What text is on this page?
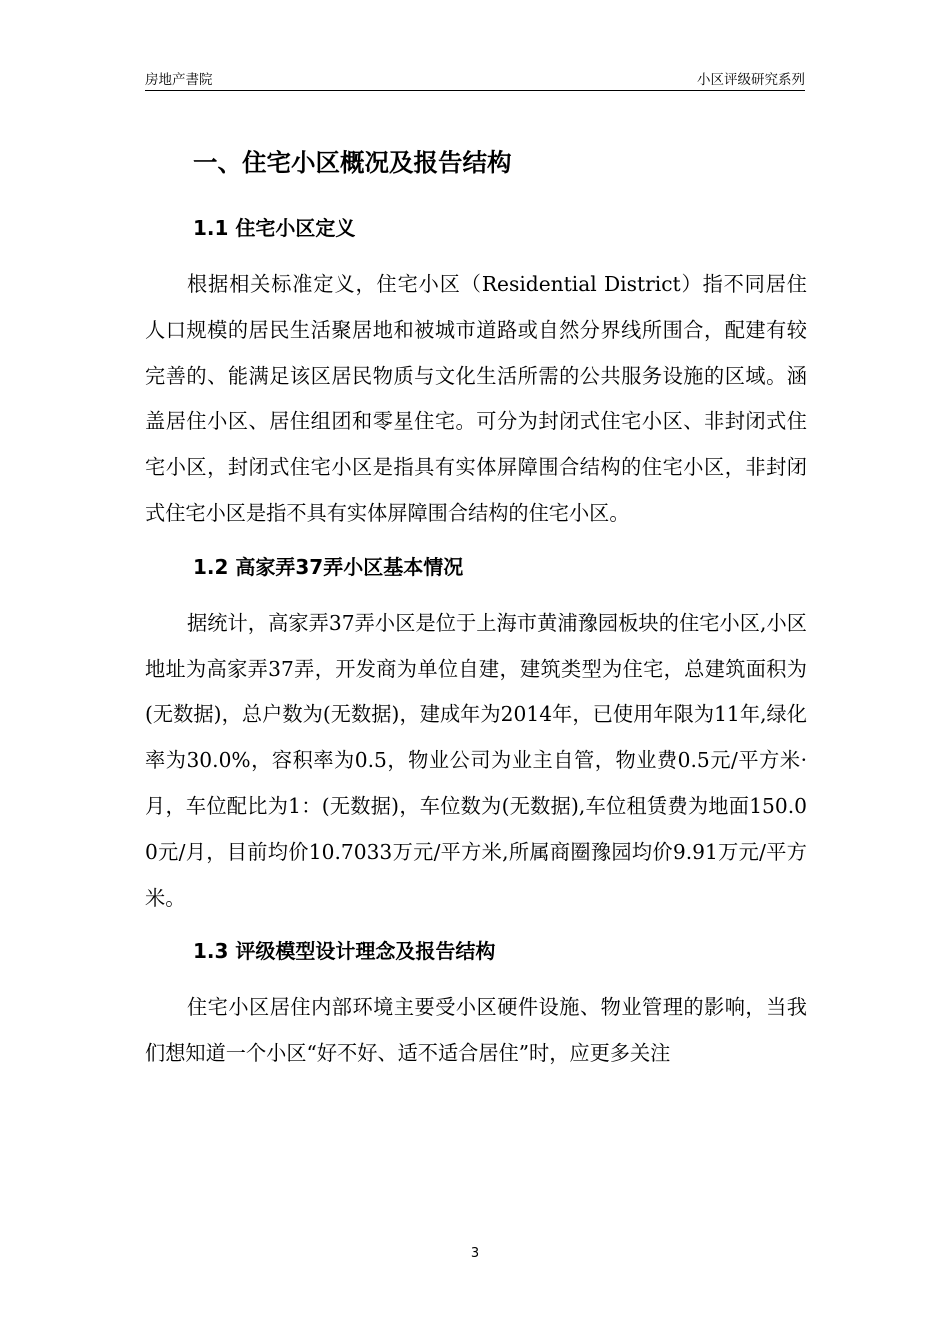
房地产書院	小区评级研究系列
一、住宅小区概况及报告结构
1.1 住宅小区定义

根据相关标准定义，住宅小区（Residential District）指不同居住人口规模的居民生活聚居地和被城市道路或自然分界线所围合，配建有较完善的、能满足该区居民物质与文化生活所需的公共服务设施的区域。涵盖居住小区、居住组团和零星住宅。可分为封闭式住宅小区、非封闭式住宅小区，封闭式住宅小区是指具有实体屏障围合结构的住宅小区，非封闭式住宅小区是指不具有实体屏障围合结构的住宅小区。

1.2 高家弄37弄小区基本情况

据统计，高家弄37弄小区是位于上海市黄浦豫园板块的住宅小区,小区地址为高家弄37弄，开发商为单位自建，建筑类型为住宅，总建筑面积为(无数据)，总户数为(无数据)，建成年为2014年，已使用年限为11年,绿化率为30.0%，容积率为0.5，物业公司为业主自管，物业费0.5元/平方米·月，车位配比为1：(无数据)，车位数为(无数据),车位租赁费为地面150.00元/月，目前均价10.7033万元/平方米,所属商圈豫园均价9.91万元/平方米。

1.3 评级模型设计理念及报告结构

住宅小区居住内部环境主要受小区硬件设施、物业管理的影响，当我们想知道一个小区“好不好、适不适合居住”时，应更多关注

3
